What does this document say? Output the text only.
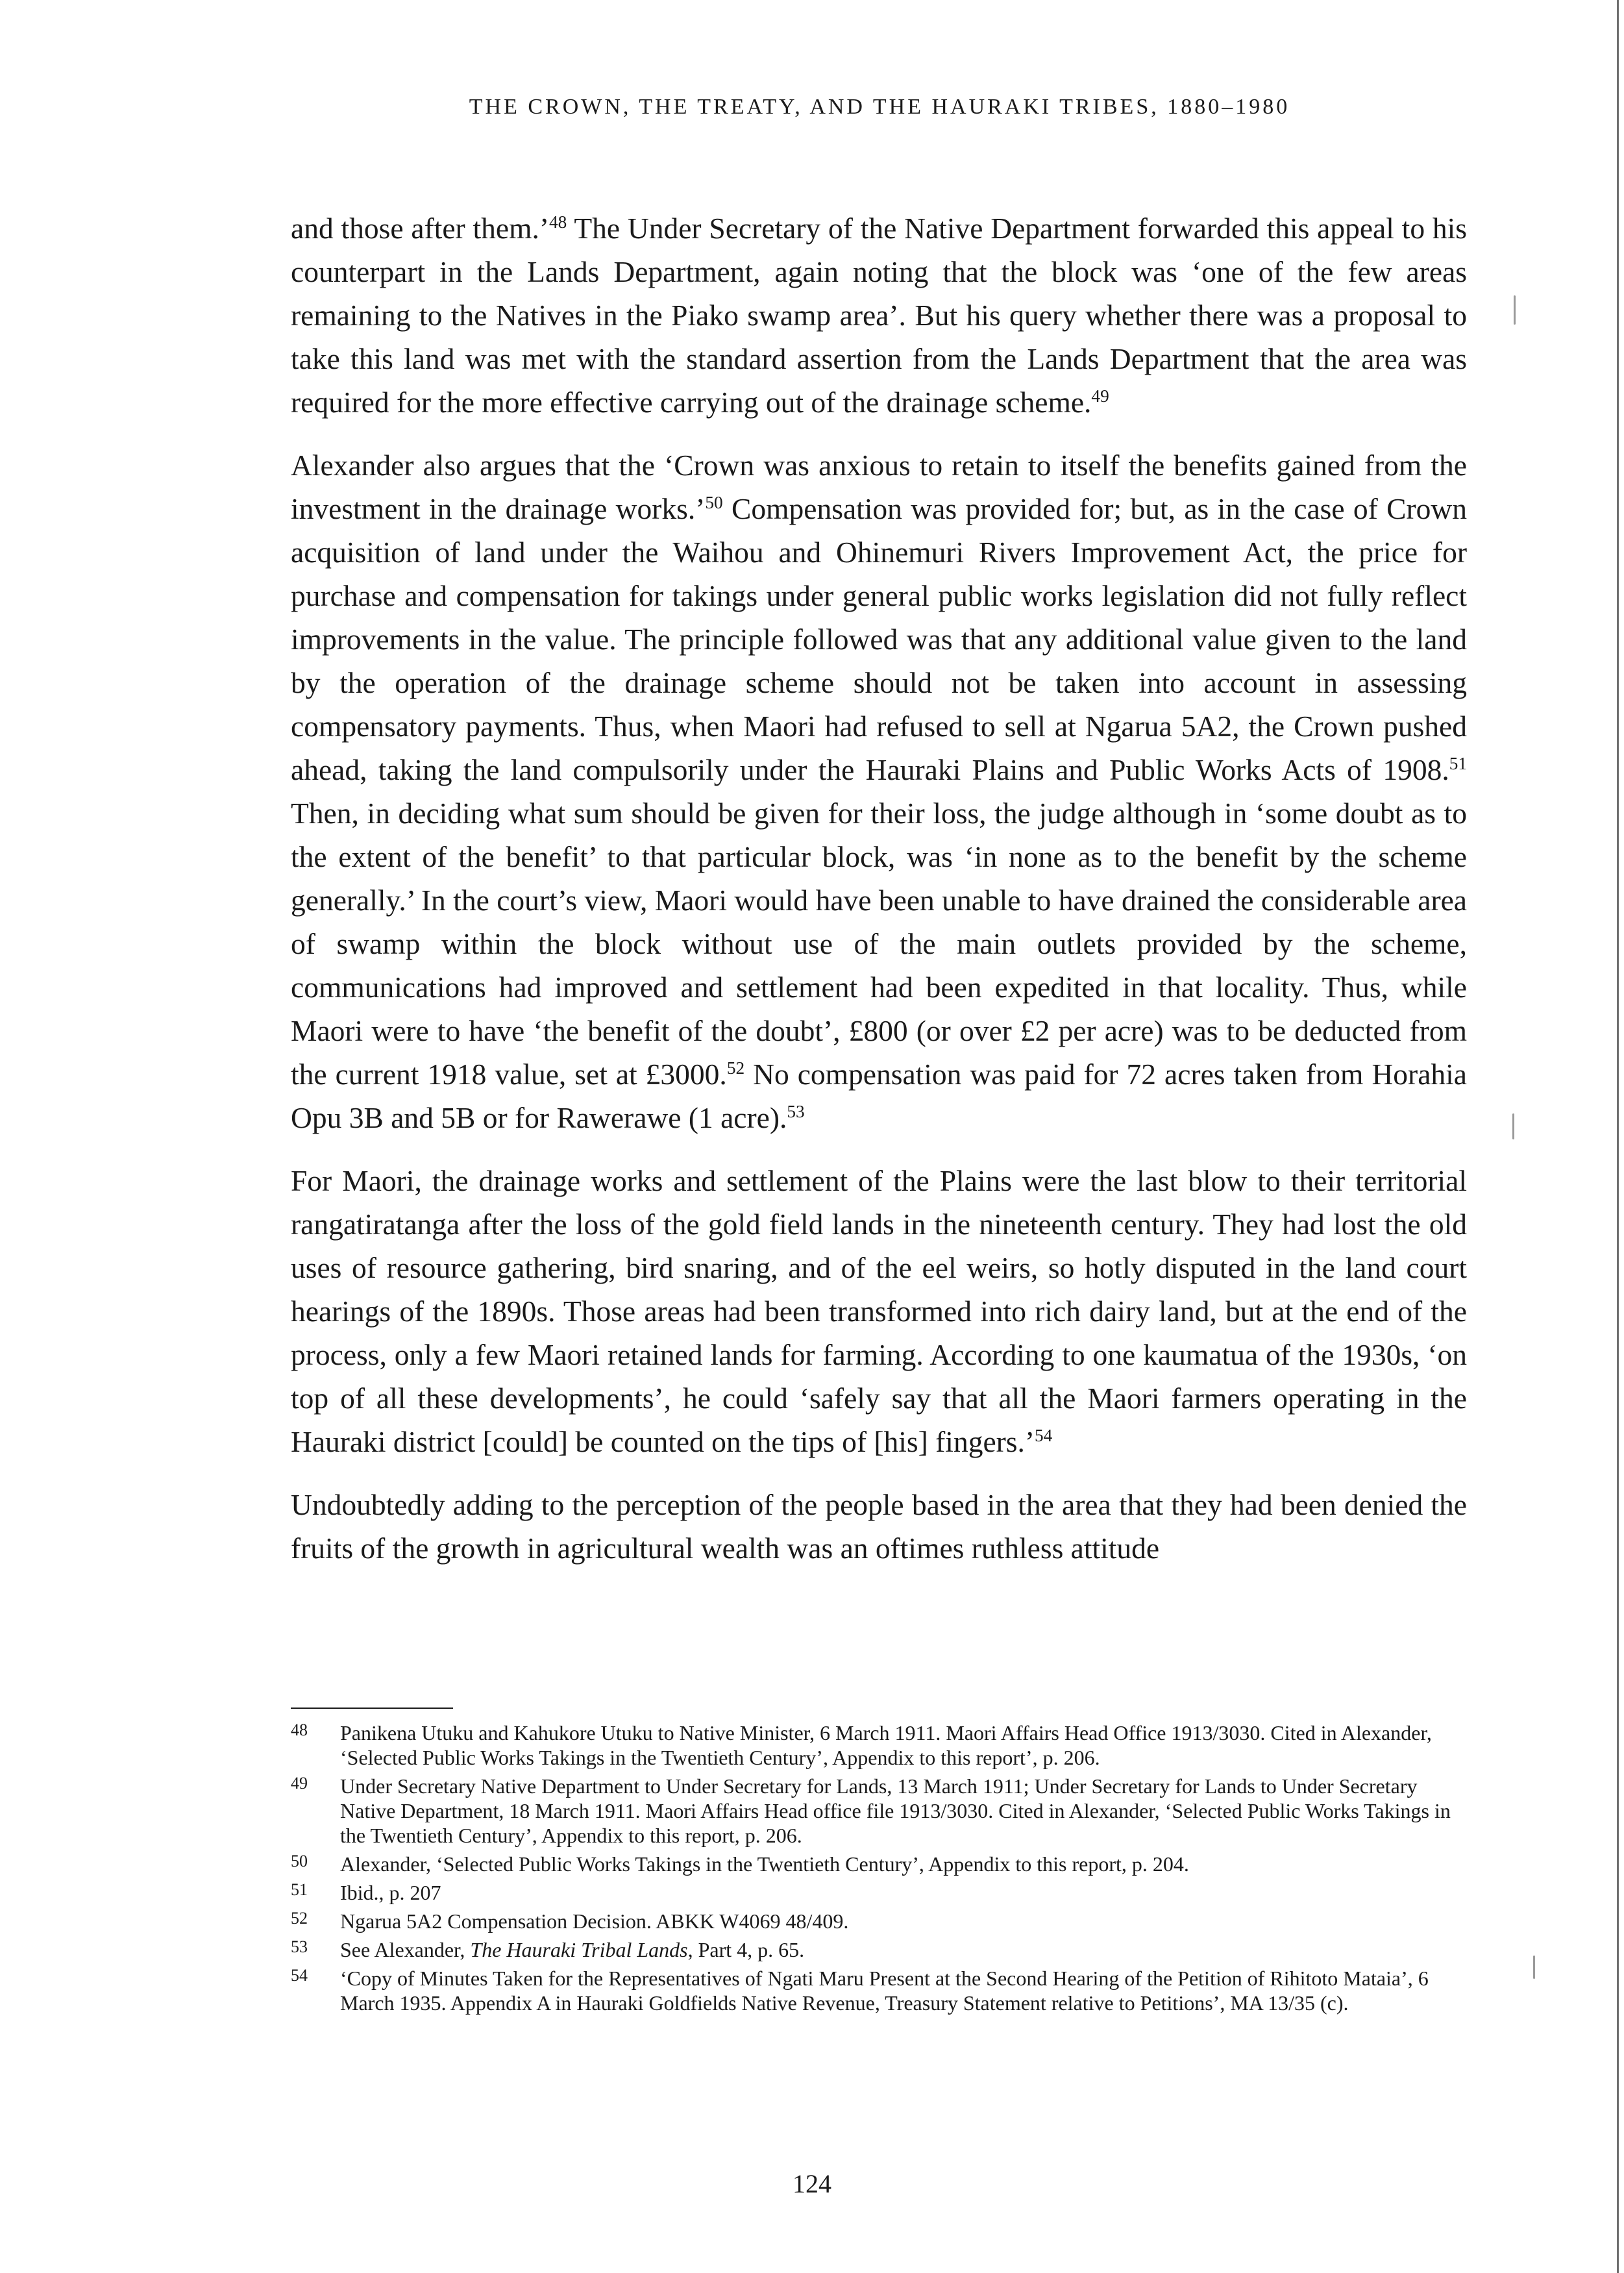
THE CROWN, THE TREATY, AND THE HAURAKI TRIBES, 1880–1980

and those after them.’$^{48}$ The Under Secretary of the Native Department forwarded this appeal to his counterpart in the Lands Department, again noting that the block was ‘one of the few areas remaining to the Natives in the Piako swamp area’. But his query whether there was a proposal to take this land was met with the standard assertion from the Lands Department that the area was required for the more effective carrying out of the drainage scheme.$^{49}$

Alexander also argues that the ‘Crown was anxious to retain to itself the benefits gained from the investment in the drainage works.’$^{50}$ Compensation was provided for; but, as in the case of Crown acquisition of land under the Waihou and Ohinemuri Rivers Improvement Act, the price for purchase and compensation for takings under general public works legislation did not fully reflect improvements in the value. The principle followed was that any additional value given to the land by the operation of the drainage scheme should not be taken into account in assessing compensatory payments. Thus, when Maori had refused to sell at Ngarua 5A2, the Crown pushed ahead, taking the land compulsorily under the Hauraki Plains and Public Works Acts of 1908.51 Then, in deciding what sum should be given for their loss, the judge although in ‘some doubt as to the extent of the benefit’ to that particular block, was ‘in none as to the benefit by the scheme generally.’ In the court’s view, Maori would have been unable to have drained the considerable area of swamp within the block without use of the main outlets provided by the scheme, communications had improved and settlement had been expedited in that locality. Thus, while Maori were to have ‘the benefit of the doubt’, £800 (or over £2 per acre) was to be deducted from the current 1918 value, set at £3000.52 No compensation was paid for 72 acres taken from Horahia Opu 3B and 5B or for Rawerawe (1 acre).$^{53}$

For Maori, the drainage works and settlement of the Plains were the last blow to their territorial rangatiratanga after the loss of the gold field lands in the nineteenth century. They had lost the old uses of resource gathering, bird snaring, and of the eel weirs, so hotly disputed in the land court hearings of the 1890s. Those areas had been transformed into rich dairy land, but at the end of the process, only a few Maori retained lands for farming. According to one kaumatua of the 1930s, ‘on top of all these developments’, he could ‘safely say that all the Maori farmers operating in the Hauraki district [could] be counted on the tips of [his] fingers.’$^{54}$

Undoubtedly adding to the perception of the people based in the area that they had been denied the fruits of the growth in agricultural wealth was an oftimes ruthless attitude

48	Panikena Utuku and Kahukore Utuku to Native Minister, 6 March 1911. Maori Affairs Head Office 1913/3030. Cited in Alexander, ‘Selected Public Works Takings in the Twentieth Century’, Appendix to this report’, p. 206.
49	Under Secretary Native Department to Under Secretary for Lands, 13 March 1911; Under Secretary for Lands to Under Secretary Native Department, 18 March 1911. Maori Affairs Head office file 1913/3030. Cited in Alexander, ‘Selected Public Works Takings in the Twentieth Century’, Appendix to this report, p. 206.
50	Alexander, ‘Selected Public Works Takings in the Twentieth Century’, Appendix to this report, p. 204.
51	Ibid., p. 207
52	Ngarua 5A2 Compensation Decision. ABKK W4069 48/409.
53	See Alexander, The Hauraki Tribal Lands, Part 4, p. 65.
54	‘Copy of Minutes Taken for the Representatives of Ngati Maru Present at the Second Hearing of the Petition of Rihitoto Mataia’, 6 March 1935. Appendix A in Hauraki Goldfields Native Revenue, Treasury Statement relative to Petitions’, MA 13/35 (c).
124
